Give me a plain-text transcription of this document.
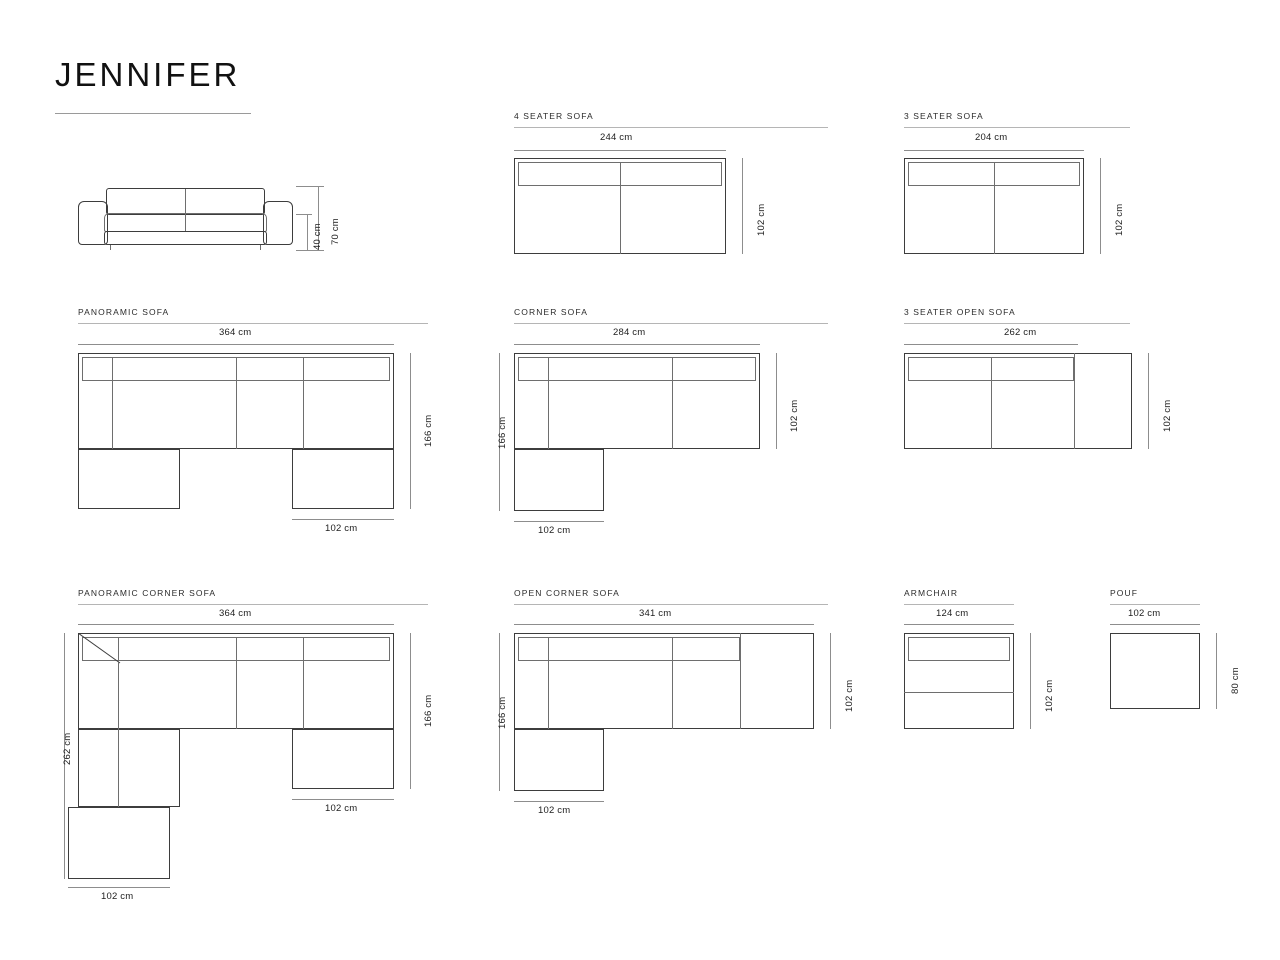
JENNIFER
70 cm
40 cm
4 SEATER SOFA
244 cm
102 cm
3 SEATER SOFA
204 cm
102 cm
PANORAMIC SOFA
364 cm
166 cm
102 cm
CORNER SOFA
284 cm
102 cm
166 cm
102 cm
3 SEATER OPEN SOFA
262 cm
102 cm
PANORAMIC CORNER SOFA
364 cm
166 cm
102 cm
262 cm
102 cm
OPEN CORNER SOFA
341 cm
102 cm
166 cm
102 cm
ARMCHAIR
124 cm
102 cm
POUF
102 cm
80 cm
